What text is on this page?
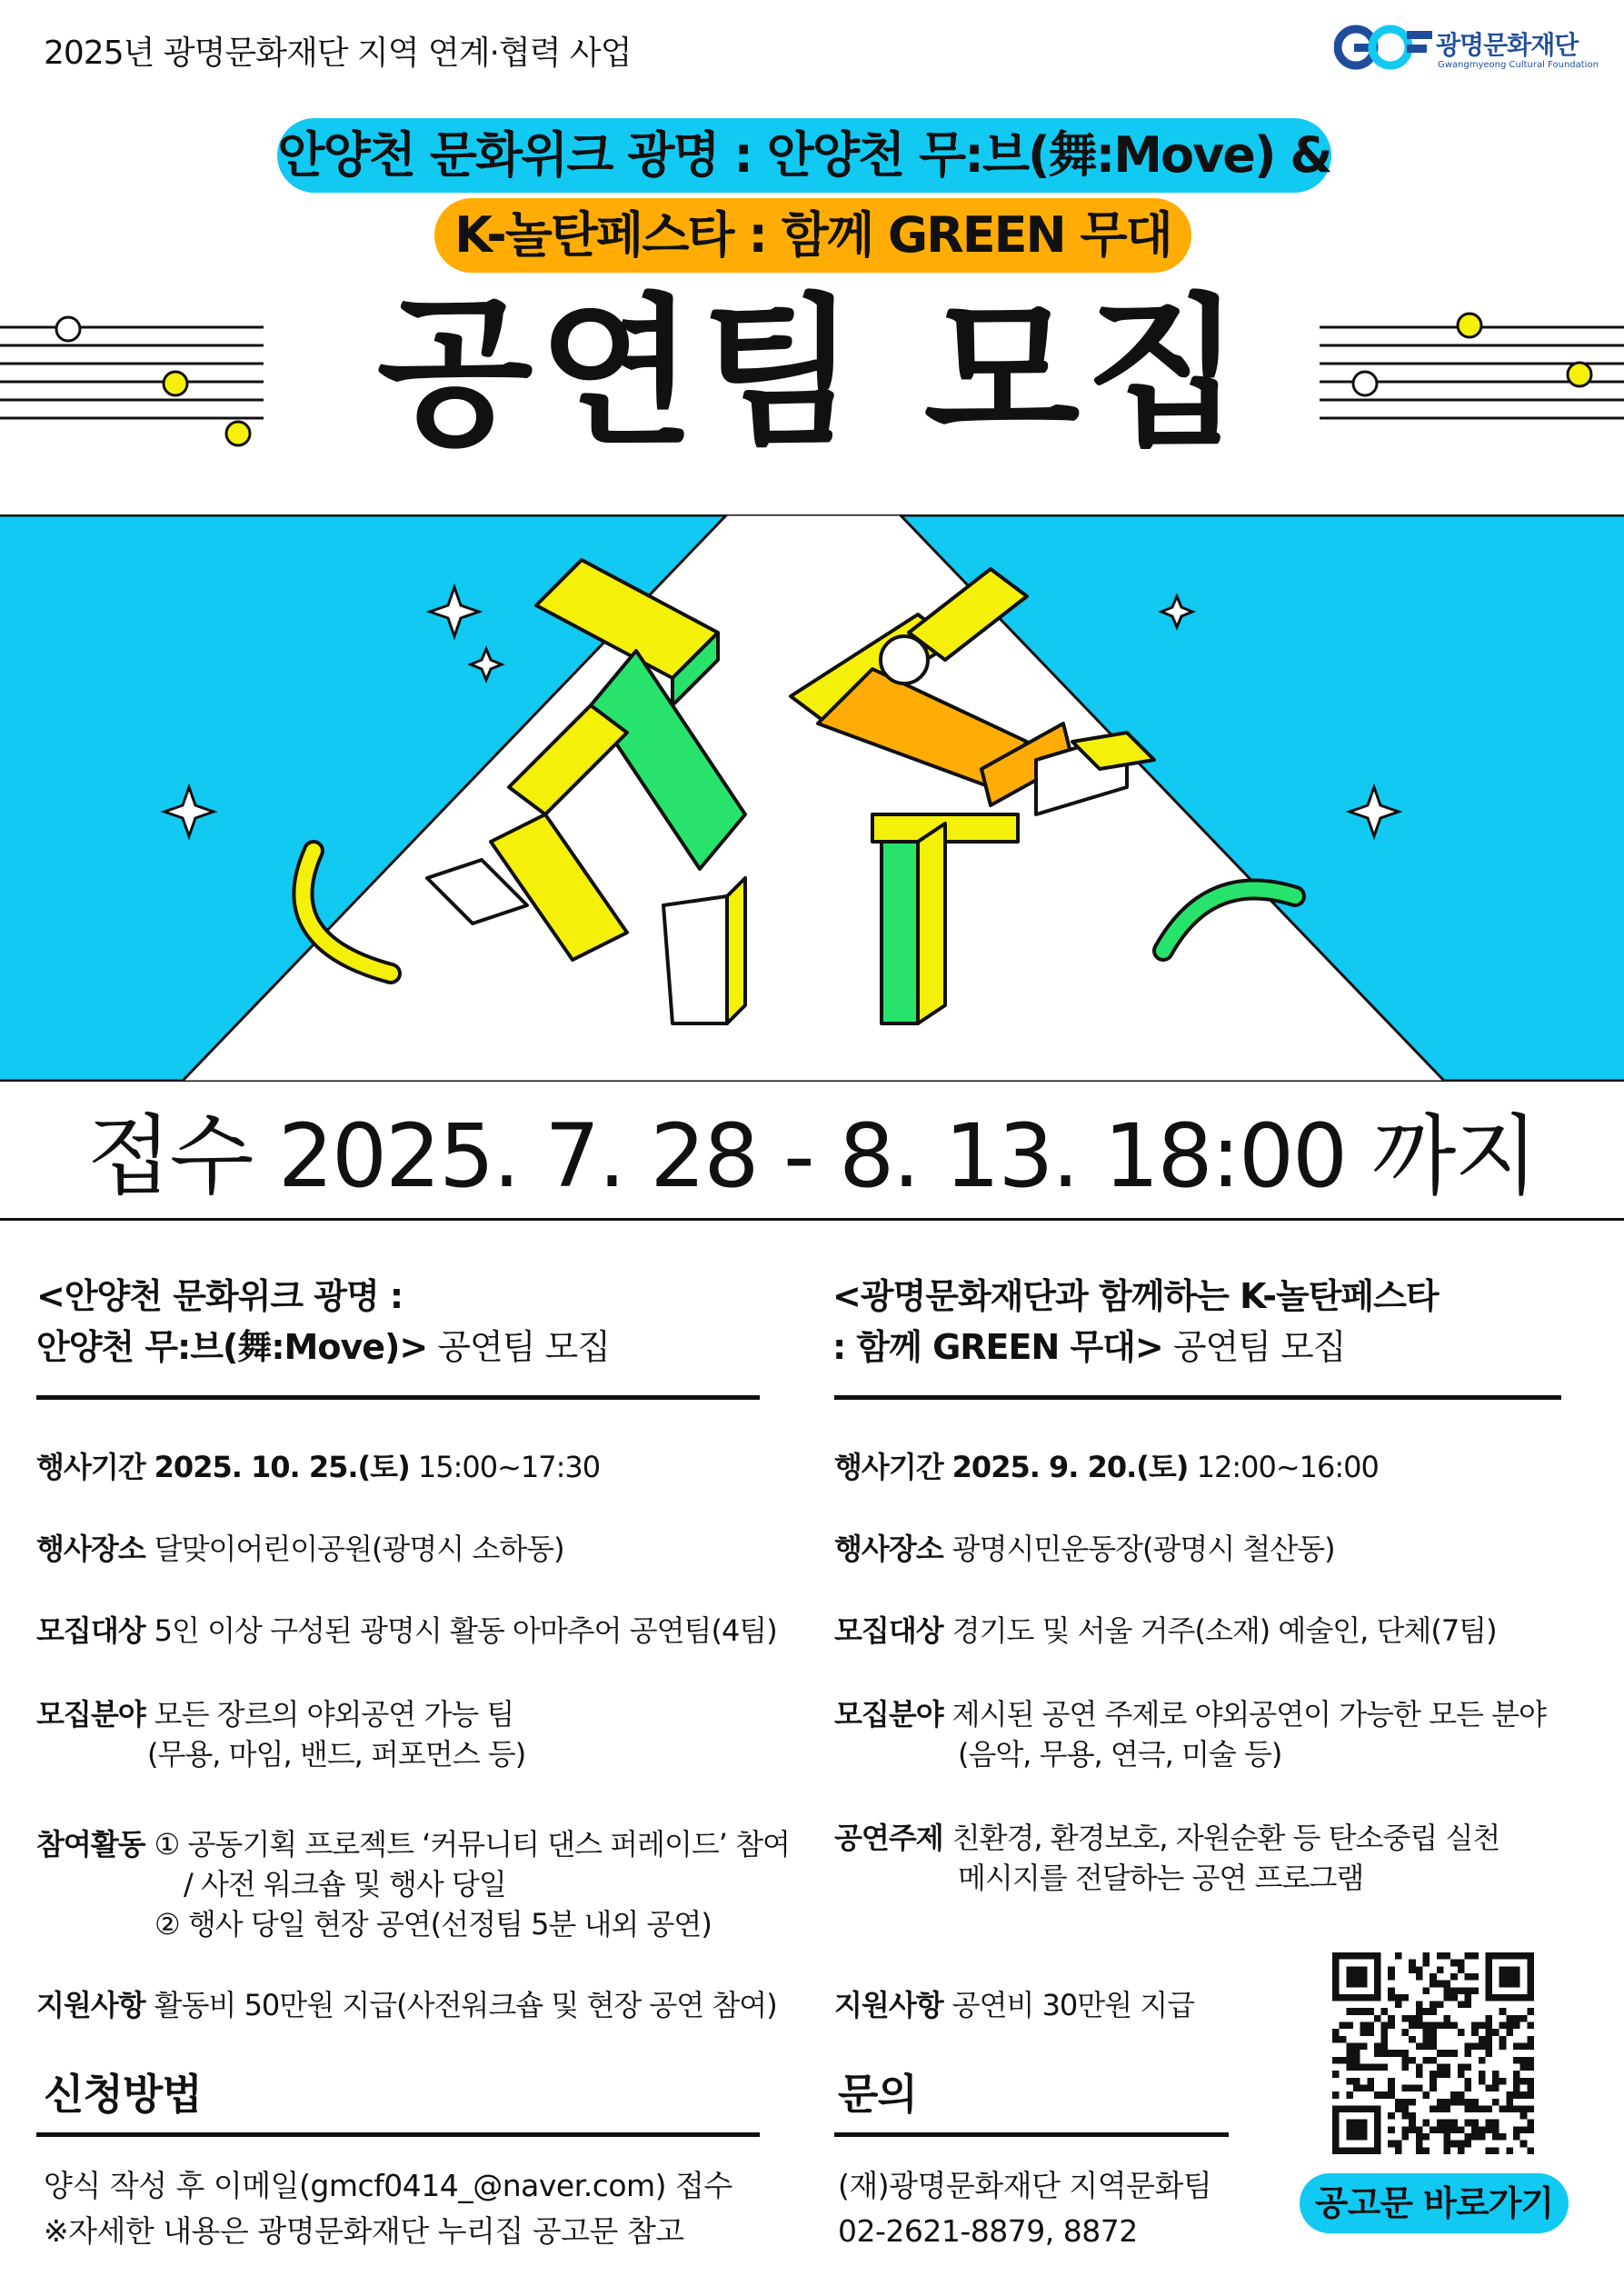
2025년 광명문화재단 지역 연계·협력 사업	광명문화재단
Gwangmyeong Cultural Foundation
안양천 문화위크 광명 : 안양천 무:브(舞:Move) &
K-놀탄페스타 : 함께 GREEN 무대
공연팀 모집
접수 2025. 7. 28 - 8. 13. 18:00 까지
<안양천 문화위크 광명 :
안양천 무:브(舞:Move)> 공연팀 모집
행사기간 2025. 10. 25.(토) 15:00~17:30
행사장소 달맞이어린이공원(광명시 소하동)
모집대상 5인 이상 구성된 광명시 활동 아마추어 공연팀(4팀)
모집분야 모든 장르의 야외공연 가능 팀
(무용, 마임, 밴드, 퍼포먼스 등)
참여활동 ① 공동기획 프로젝트 ‘커뮤니티 댄스 퍼레이드’ 참여
/ 사전 워크숍 및 행사 당일
② 행사 당일 현장 공연(선정팀 5분 내외 공연)
지원사항 활동비 50만원 지급(사전워크숍 및 현장 공연 참여)
<광명문화재단과 함께하는 K-놀탄페스타
: 함께 GREEN 무대> 공연팀 모집
행사기간 2025. 9. 20.(토) 12:00~16:00
행사장소 광명시민운동장(광명시 철산동)
모집대상 경기도 및 서울 거주(소재) 예술인, 단체(7팀)
모집분야 제시된 공연 주제로 야외공연이 가능한 모든 분야
(음악, 무용, 연극, 미술 등)
공연주제 친환경, 환경보호, 자원순환 등 탄소중립 실천
메시지를 전달하는 공연 프로그램
지원사항 공연비 30만원 지급
신청방법
양식 작성 후 이메일(gmcf0414_@naver.com) 접수
※자세한 내용은 광명문화재단 누리집 공고문 참고
문의
(재)광명문화재단 지역문화팀
02-2621-8879, 8872
공고문 바로가기
